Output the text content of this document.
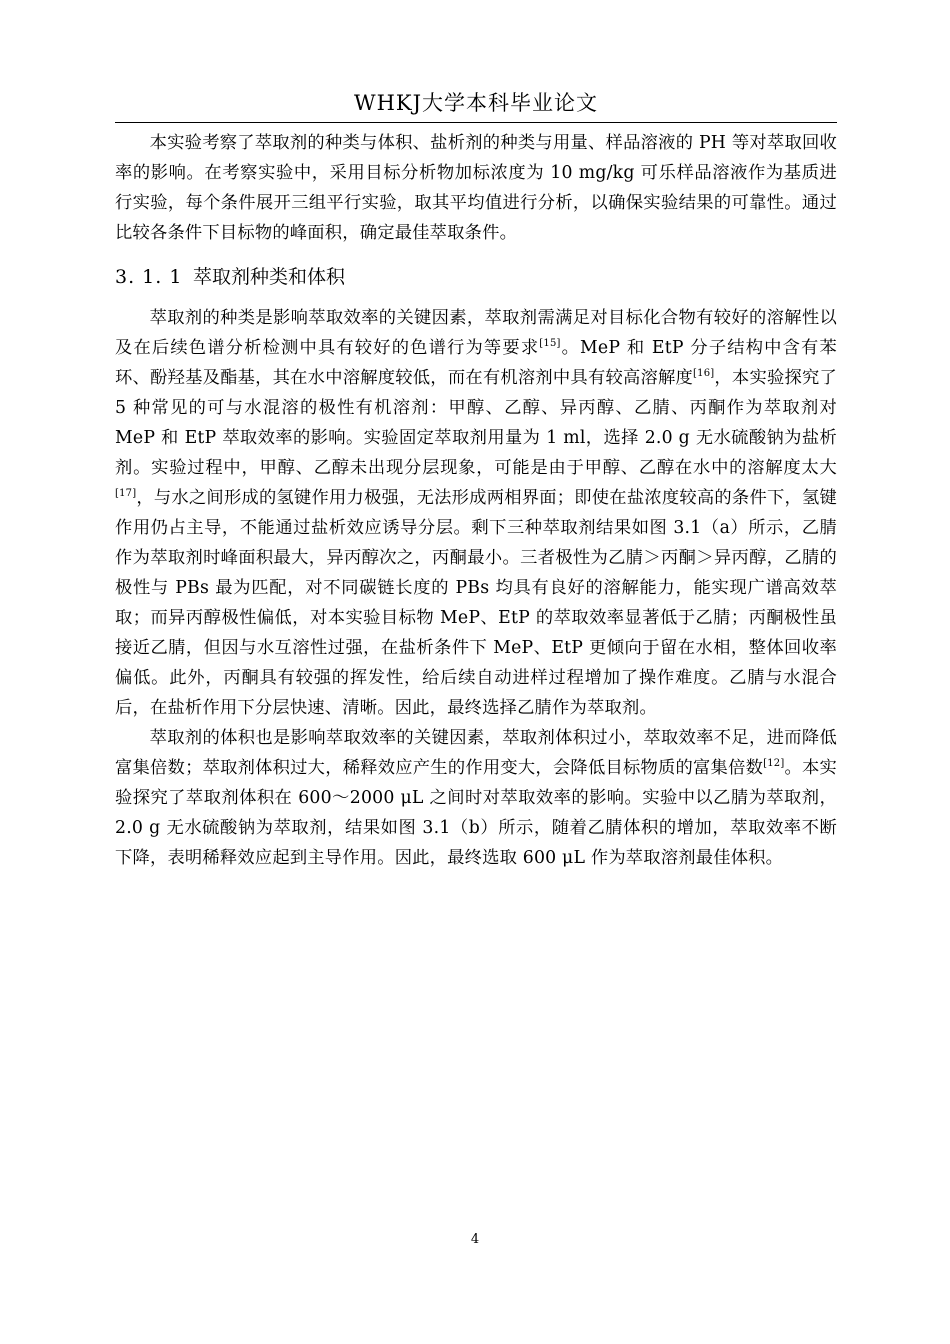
WHKJ大学本科毕业论文

本实验考察了萃取剂的种类与体积、盐析剂的种类与用量、样品溶液的 PH 等对萃取回收率的影响。在考察实验中，采用目标分析物加标浓度为 10 mg/kg 可乐样品溶液作为基质进行实验，每个条件展开三组平行实验，取其平均值进行分析，以确保实验结果的可靠性。通过比较各条件下目标物的峰面积，确定最佳萃取条件。

3. 1. 1 萃取剂种类和体积

萃取剂的种类是影响萃取效率的关键因素，萃取剂需满足对目标化合物有较好的溶解性以及在后续色谱分析检测中具有较好的色谱行为等要求[15]。MeP 和 EtP 分子结构中含有苯环、酚羟基及酯基，其在水中溶解度较低，而在有机溶剂中具有较高溶解度[16]，本实验探究了 5 种常见的可与水混溶的极性有机溶剂：甲醇、乙醇、异丙醇、乙腈、丙酮作为萃取剂对 MeP 和 EtP 萃取效率的影响。实验固定萃取剂用量为 1 ml，选择 2.0 g 无水硫酸钠为盐析剂。实验过程中，甲醇、乙醇未出现分层现象，可能是由于甲醇、乙醇在水中的溶解度太大[17]，与水之间形成的氢键作用力极强，无法形成两相界面；即使在盐浓度较高的条件下，氢键作用仍占主导，不能通过盐析效应诱导分层。剩下三种萃取剂结果如图 3.1（a）所示，乙腈作为萃取剂时峰面积最大，异丙醇次之，丙酮最小。三者极性为乙腈＞丙酮＞异丙醇，乙腈的极性与 PBs 最为匹配，对不同碳链长度的 PBs 均具有良好的溶解能力，能实现广谱高效萃取；而异丙醇极性偏低，对本实验目标物 MeP、EtP 的萃取效率显著低于乙腈；丙酮极性虽接近乙腈，但因与水互溶性过强，在盐析条件下 MeP、EtP 更倾向于留在水相，整体回收率偏低。此外，丙酮具有较强的挥发性，给后续自动进样过程增加了操作难度。乙腈与水混合后，在盐析作用下分层快速、清晰。因此，最终选择乙腈作为萃取剂。

萃取剂的体积也是影响萃取效率的关键因素，萃取剂体积过小，萃取效率不足，进而降低富集倍数；萃取剂体积过大，稀释效应产生的作用变大，会降低目标物质的富集倍数[12]。本实验探究了萃取剂体积在 600～2000 μL 之间时对萃取效率的影响。实验中以乙腈为萃取剂，2.0 g 无水硫酸钠为萃取剂，结果如图 3.1（b）所示，随着乙腈体积的增加，萃取效率不断下降，表明稀释效应起到主导作用。因此，最终选取 600 μL 作为萃取溶剂最佳体积。

4
